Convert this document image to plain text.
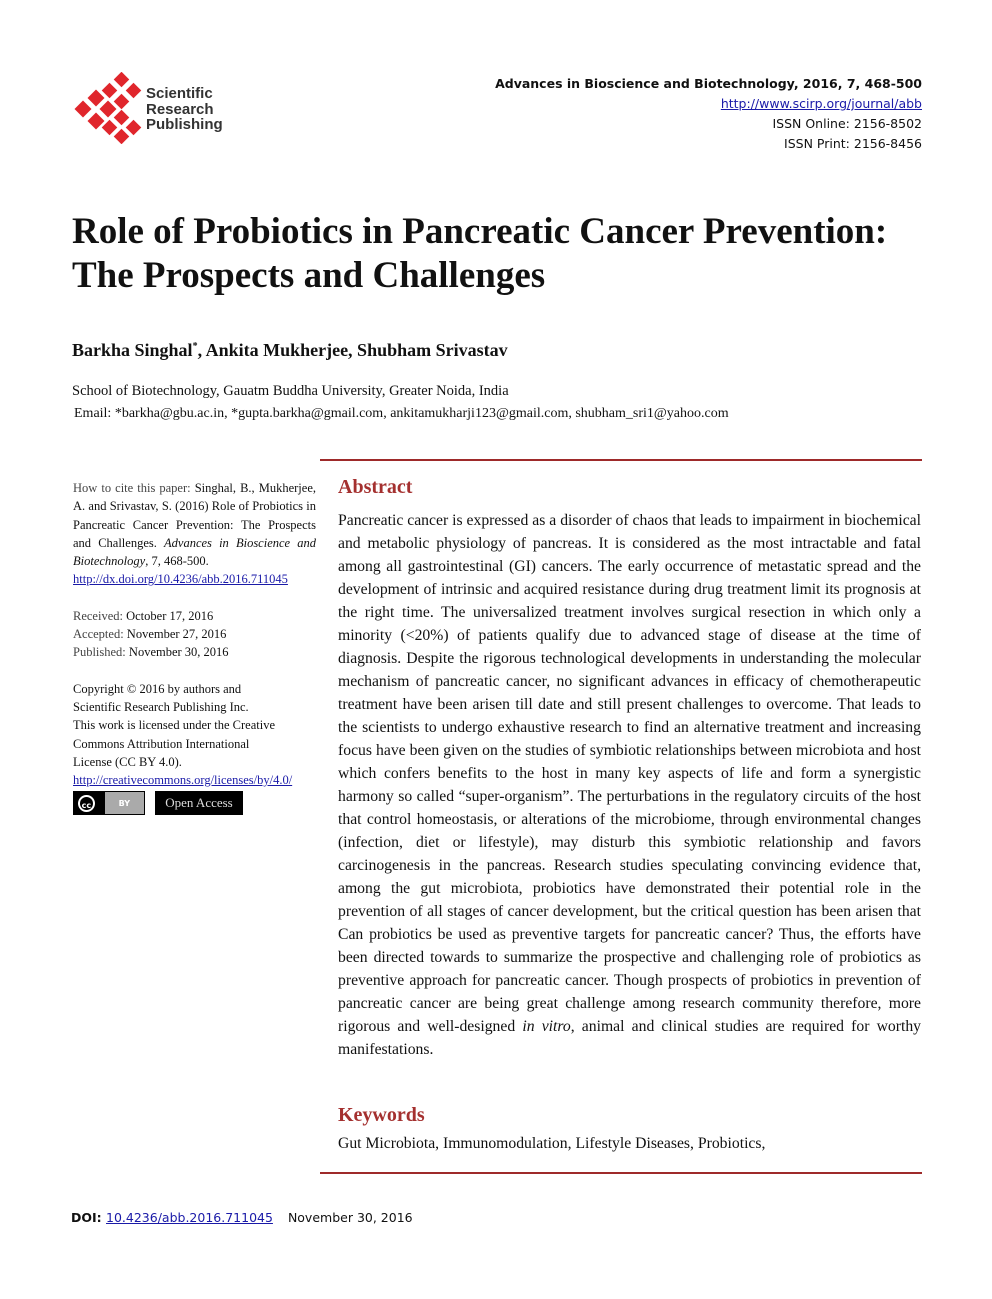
Scientific
Research
Publishing
Advances in Bioscience and Biotechnology, 2016, 7, 468-500
http://www.scirp.org/journal/abb
ISSN Online: 2156-8502
ISSN Print: 2156-8456
Role of Probiotics in Pancreatic Cancer Prevention:
The Prospects and Challenges
Barkha Singhal*, Ankita Mukherjee, Shubham Srivastav
School of Biotechnology, Gauatm Buddha University, Greater Noida, India
Email: *barkha@gbu.ac.in, *gupta.barkha@gmail.com, ankitamukharji123@gmail.com, shubham_sri1@yahoo.com
How to cite this paper: Singhal, B., Mukherjee, A. and Srivastav, S. (2016) Role of Probiotics in Pancreatic Cancer Prevention: The Prospects and Challenges. Advances in Bioscience and Biotechnology, 7, 468-500.
http://dx.doi.org/10.4236/abb.2016.711045
Received: October 17, 2016
Accepted: November 27, 2016
Published: November 30, 2016
Copyright © 2016 by authors and
Scientific Research Publishing Inc.
This work is licensed under the Creative
Commons Attribution International
License (CC BY 4.0).
http://creativecommons.org/licenses/by/4.0/
cc	BY	Open Access
Abstract

Pancreatic cancer is expressed as a disorder of chaos that leads to impairment in biochemical and metabolic physiology of pancreas. It is considered as the most intractable and fatal among all gastrointestinal (GI) cancers. The early occurrence of metastatic spread and the development of intrinsic and acquired resistance during drug treatment limit its prognosis at the right time. The universalized treatment involves surgical resection in which only a minority (<20%) of patients qualify due to advanced stage of disease at the time of diagnosis. Despite the rigorous technological developments in understanding the molecular mechanism of pancreatic cancer, no significant advances in efficacy of chemotherapeutic treatment have been arisen till date and still present challenges to overcome. That leads to the scientists to undergo exhaustive research to find an alternative treatment and increasing focus have been given on the studies of symbiotic relationships between microbiota and host which confers benefits to the host in many key aspects of life and form a synergistic harmony so called “super-organism”. The perturbations in the regulatory circuits of the host that control homeostasis, or alterations of the microbiome, through environmental changes (infection, diet or lifestyle), may disturb this symbiotic relationship and favors carcinogenesis in the pancreas. Research studies speculating convincing evidence that, among the gut microbiota, probiotics have demonstrated their potential role in the prevention of all stages of cancer development, but the critical question has been arisen that Can probiotics be used as preventive targets for pancreatic cancer? Thus, the efforts have been directed towards to summarize the prospective and challenging role of probiotics as preventive approach for pancreatic cancer. Though prospects of probiotics in prevention of pancreatic cancer are being great challenge among research community therefore, more rigorous and well-designed in vitro, animal and clinical studies are required for worthy manifestations.

Keywords

Gut Microbiota, Immunomodulation, Lifestyle Diseases, Probiotics,

DOI: 10.4236/abb.2016.711045 November 30, 2016
